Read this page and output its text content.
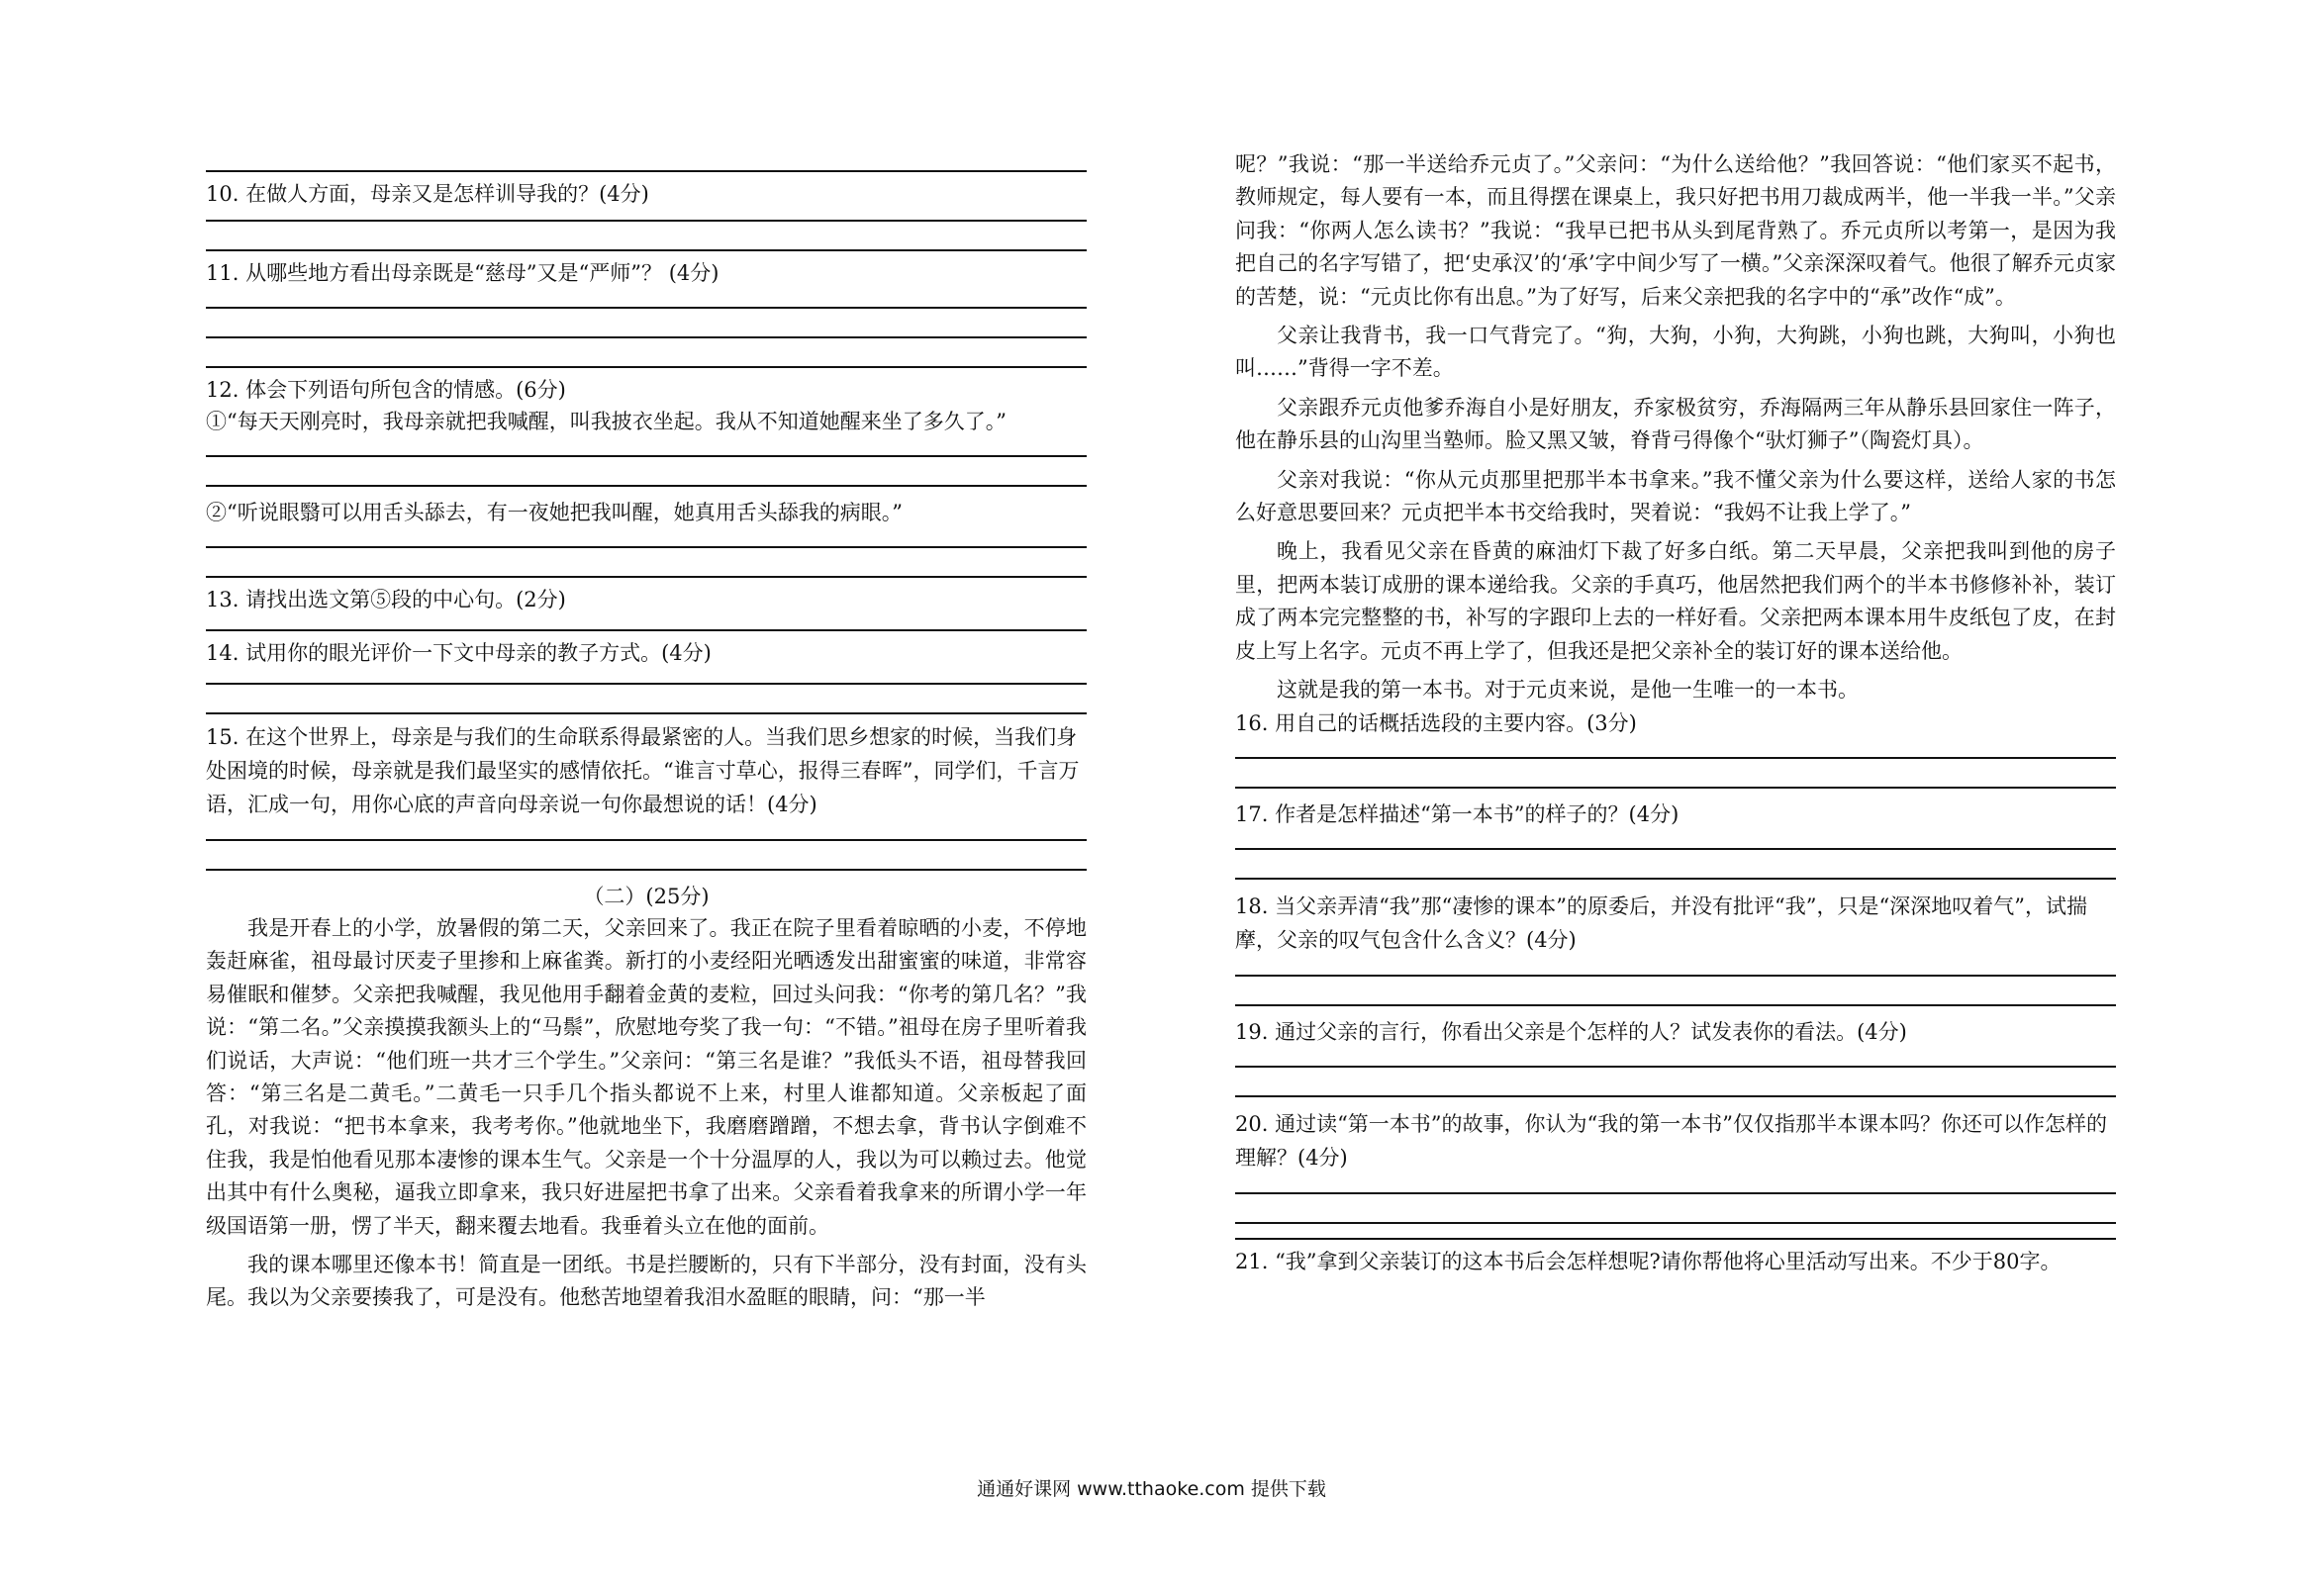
10. 在做人方面，母亲又是怎样训导我的？(4分)
11. 从哪些地方看出母亲既是“慈母”又是“严师”？ (4分)
12. 体会下列语句所包含的情感。(6分)
①“每天天刚亮时，我母亲就把我喊醒，叫我披衣坐起。我从不知道她醒来坐了多久了。”
②“听说眼翳可以用舌头舔去，有一夜她把我叫醒，她真用舌头舔我的病眼。”
13. 请找出选文第⑤段的中心句。(2分)
14. 试用你的眼光评价一下文中母亲的教子方式。(4分)
15. 在这个世界上，母亲是与我们的生命联系得最紧密的人。当我们思乡想家的时候，当我们身处困境的时候，母亲就是我们最坚实的感情依托。“谁言寸草心，报得三春晖”，同学们，千言万语，汇成一句，用你心底的声音向母亲说一句你最想说的话！(4分)
（二）(25分)

我是开春上的小学，放暑假的第二天，父亲回来了。我正在院子里看着晾晒的小麦，不停地轰赶麻雀，祖母最讨厌麦子里掺和上麻雀粪。新打的小麦经阳光晒透发出甜蜜蜜的味道，非常容易催眠和催梦。父亲把我喊醒，我见他用手翻着金黄的麦粒，回过头问我：“你考的第几名？”我说：“第二名。”父亲摸摸我额头上的“马鬃”，欣慰地夸奖了我一句：“不错。”祖母在房子里听着我们说话，大声说：“他们班一共才三个学生。”父亲问：“第三名是谁？”我低头不语，祖母替我回答：“第三名是二黄毛。”二黄毛一只手几个指头都说不上来，村里人谁都知道。父亲板起了面孔，对我说：“把书本拿来，我考考你。”他就地坐下，我磨磨蹭蹭，不想去拿，背书认字倒难不住我，我是怕他看见那本凄惨的课本生气。父亲是一个十分温厚的人，我以为可以赖过去。他觉出其中有什么奥秘，逼我立即拿来，我只好进屋把书拿了出来。父亲看着我拿来的所谓小学一年级国语第一册，愣了半天，翻来覆去地看。我垂着头立在他的面前。

我的课本哪里还像本书！简直是一团纸。书是拦腰断的，只有下半部分，没有封面，没有头尾。我以为父亲要揍我了，可是没有。他愁苦地望着我泪水盈眶的眼睛，问：“那一半

呢？”我说：“那一半送给乔元贞了。”父亲问：“为什么送给他？”我回答说：“他们家买不起书，教师规定，每人要有一本，而且得摆在课桌上，我只好把书用刀裁成两半，他一半我一半。”父亲问我：“你两人怎么读书？”我说：“我早已把书从头到尾背熟了。乔元贞所以考第一，是因为我把自己的名字写错了，把‘史承汉’的‘承’字中间少写了一横。”父亲深深叹着气。他很了解乔元贞家的苦楚，说：“元贞比你有出息。”为了好写，后来父亲把我的名字中的“承”改作“成”。

父亲让我背书，我一口气背完了。“狗，大狗，小狗，大狗跳，小狗也跳，大狗叫，小狗也叫……”背得一字不差。

父亲跟乔元贞他爹乔海自小是好朋友，乔家极贫穷，乔海隔两三年从静乐县回家住一阵子，他在静乐县的山沟里当塾师。脸又黑又皱，脊背弓得像个“驮灯狮子”（陶瓷灯具）。

父亲对我说：“你从元贞那里把那半本书拿来。”我不懂父亲为什么要这样，送给人家的书怎么好意思要回来？元贞把半本书交给我时，哭着说：“我妈不让我上学了。”

晚上，我看见父亲在昏黄的麻油灯下裁了好多白纸。第二天早晨，父亲把我叫到他的房子里，把两本装订成册的课本递给我。父亲的手真巧，他居然把我们两个的半本书修修补补，装订成了两本完完整整的书，补写的字跟印上去的一样好看。父亲把两本课本用牛皮纸包了皮，在封皮上写上名字。元贞不再上学了，但我还是把父亲补全的装订好的课本送给他。

这就是我的第一本书。对于元贞来说，是他一生唯一的一本书。

16. 用自己的话概括选段的主要内容。(3分)
17. 作者是怎样描述“第一本书”的样子的？(4分)
18. 当父亲弄清“我”那“凄惨的课本”的原委后，并没有批评“我”，只是“深深地叹着气”，试揣摩，父亲的叹气包含什么含义？(4分)
19. 通过父亲的言行，你看出父亲是个怎样的人？试发表你的看法。(4分)
20. 通过读“第一本书”的故事，你认为“我的第一本书”仅仅指那半本课本吗？你还可以作怎样的理解？(4分)
21. “我”拿到父亲装订的这本书后会怎样想呢?请你帮他将心里活动写出来。不少于80字。
通通好课网 www.tthaoke.com 提供下载
